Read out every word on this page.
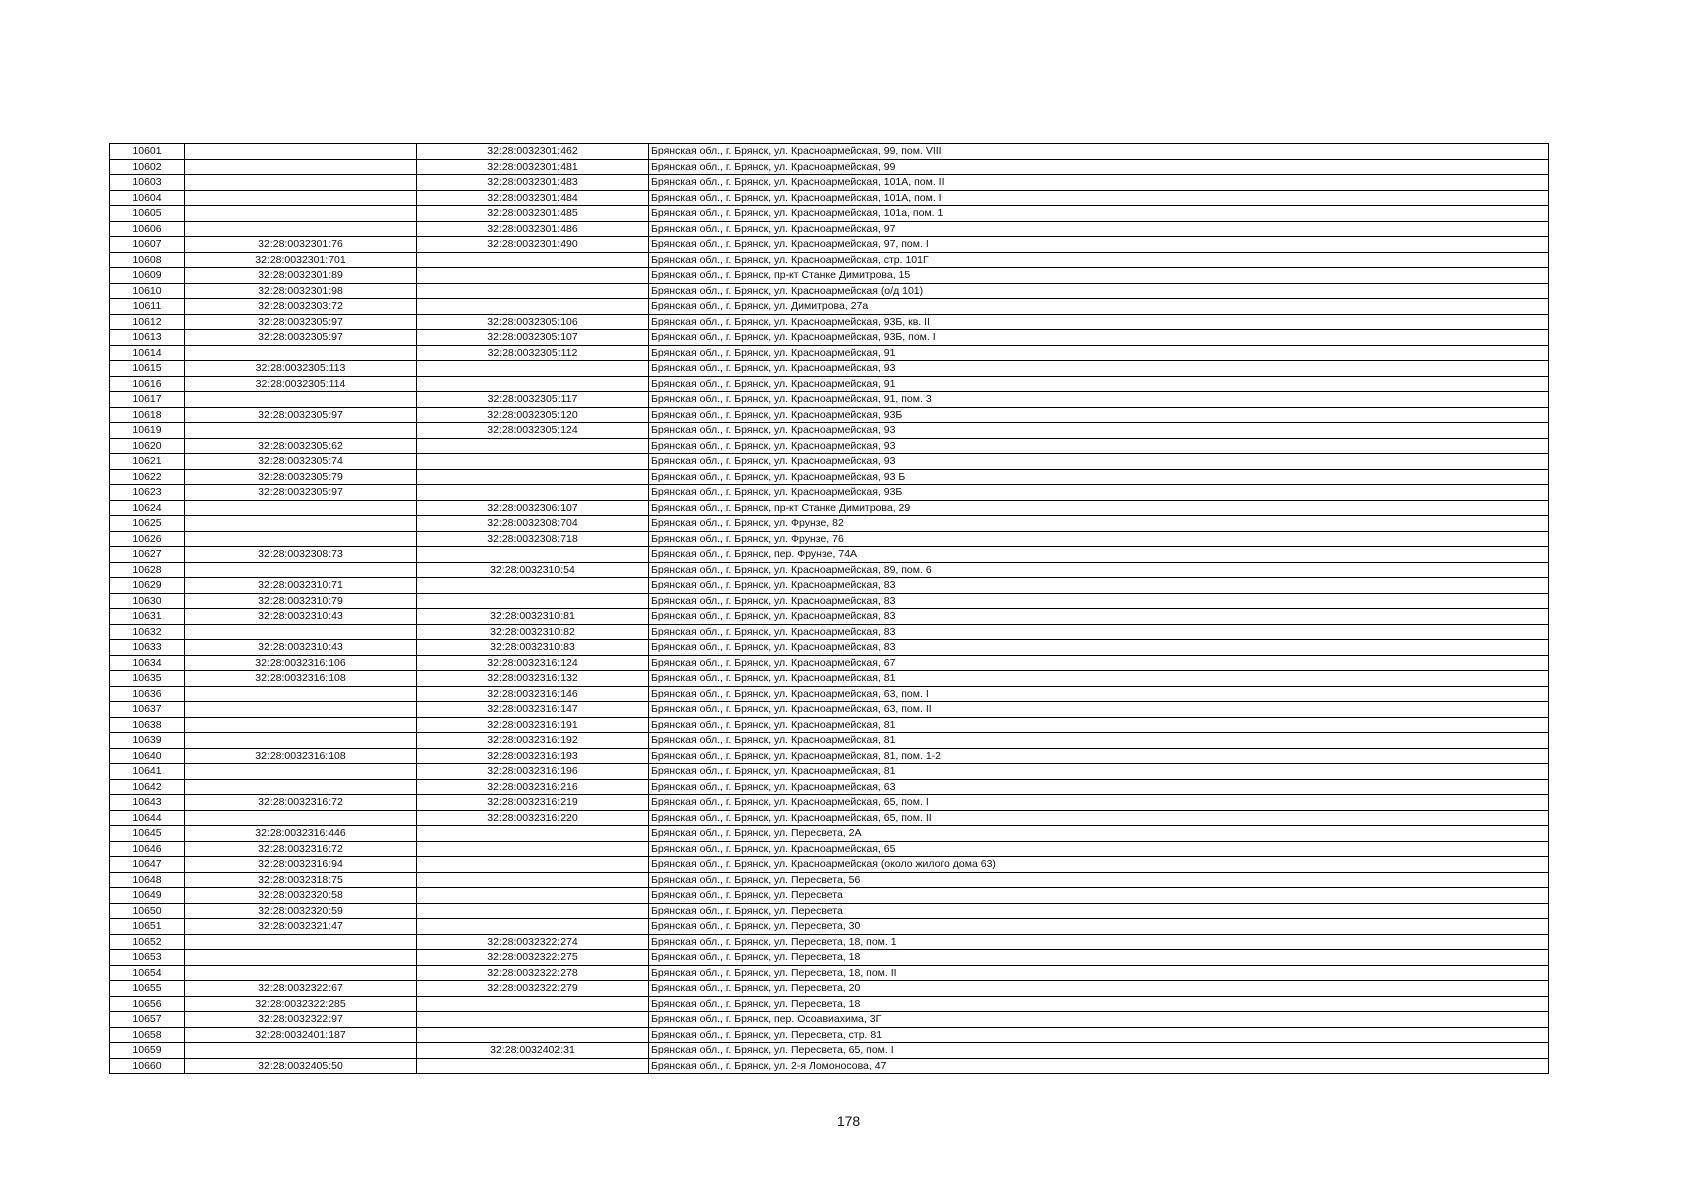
10601		32:28:0032301:462	Брянская обл., г. Брянск, ул. Красноармейская, 99, пом. VIII
10602		32:28:0032301:481	Брянская обл., г. Брянск, ул. Красноармейская, 99
10603		32:28:0032301:483	Брянская обл., г. Брянск, ул. Красноармейская, 101А, пом. II
10604		32:28:0032301:484	Брянская обл., г. Брянск, ул. Красноармейская, 101А, пом. I
10605		32:28:0032301:485	Брянская обл., г. Брянск, ул. Красноармейская, 101а, пом. 1
10606		32:28:0032301:486	Брянская обл., г. Брянск, ул. Красноармейская, 97
10607	32:28:0032301:76	32:28:0032301:490	Брянская обл., г. Брянск, ул. Красноармейская, 97, пом. I
10608	32:28:0032301:701		Брянская обл., г. Брянск, ул. Красноармейская, стр. 101Г
10609	32:28:0032301:89		Брянская обл., г. Брянск, пр-кт Станке Димитрова, 15
10610	32:28:0032301:98		Брянская обл., г. Брянск, ул. Красноармейская (о/д 101)
10611	32:28:0032303:72		Брянская обл., г. Брянск, ул. Димитрова, 27а
10612	32:28:0032305:97	32:28:0032305:106	Брянская обл., г. Брянск, ул. Красноармейская, 93Б, кв. II
10613	32:28:0032305:97	32:28:0032305:107	Брянская обл., г. Брянск, ул. Красноармейская, 93Б, пом. I
10614		32:28:0032305:112	Брянская обл., г. Брянск, ул. Красноармейская, 91
10615	32:28:0032305:113		Брянская обл., г. Брянск, ул. Красноармейская, 93
10616	32:28:0032305:114		Брянская обл., г. Брянск, ул. Красноармейская, 91
10617		32:28:0032305:117	Брянская обл., г. Брянск, ул. Красноармейская, 91, пом. 3
10618	32:28:0032305:97	32:28:0032305:120	Брянская обл., г. Брянск, ул. Красноармейская, 93Б
10619		32:28:0032305:124	Брянская обл., г. Брянск, ул. Красноармейская, 93
10620	32:28:0032305:62		Брянская обл., г. Брянск, ул. Красноармейская, 93
10621	32:28:0032305:74		Брянская обл., г. Брянск, ул. Красноармейская, 93
10622	32:28:0032305:79		Брянская обл., г. Брянск, ул. Красноармейская, 93 Б
10623	32:28:0032305:97		Брянская обл., г. Брянск, ул. Красноармейская, 93Б
10624		32:28:0032306:107	Брянская обл., г. Брянск, пр-кт Станке Димитрова, 29
10625		32:28:0032308:704	Брянская обл., г. Брянск, ул. Фрунзе, 82
10626		32:28:0032308:718	Брянская обл., г. Брянск, ул. Фрунзе, 76
10627	32:28:0032308:73		Брянская обл., г. Брянск, пер. Фрунзе, 74А
10628		32:28:0032310:54	Брянская обл., г. Брянск, ул. Красноармейская, 89, пом. 6
10629	32:28:0032310:71		Брянская обл., г. Брянск, ул. Красноармейская, 83
10630	32:28:0032310:79		Брянская обл., г. Брянск, ул. Красноармейская, 83
10631	32:28:0032310:43	32:28:0032310:81	Брянская обл., г. Брянск, ул. Красноармейская, 83
10632		32:28:0032310:82	Брянская обл., г. Брянск, ул. Красноармейская, 83
10633	32:28:0032310:43	32:28:0032310:83	Брянская обл., г. Брянск, ул. Красноармейская, 83
10634	32:28:0032316:106	32:28:0032316:124	Брянская обл., г. Брянск, ул. Красноармейская, 67
10635	32:28:0032316:108	32:28:0032316:132	Брянская обл., г. Брянск, ул. Красноармейская, 81
10636		32:28:0032316:146	Брянская обл., г. Брянск, ул. Красноармейская, 63, пом. I
10637		32:28:0032316:147	Брянская обл., г. Брянск, ул. Красноармейская, 63, пом. II
10638		32:28:0032316:191	Брянская обл., г. Брянск, ул. Красноармейская, 81
10639		32:28:0032316:192	Брянская обл., г. Брянск, ул. Красноармейская, 81
10640	32:28:0032316:108	32:28:0032316:193	Брянская обл., г. Брянск, ул. Красноармейская, 81, пом. 1-2
10641		32:28:0032316:196	Брянская обл., г. Брянск, ул. Красноармейская, 81
10642		32:28:0032316:216	Брянская обл., г. Брянск, ул. Красноармейская, 63
10643	32:28:0032316:72	32:28:0032316:219	Брянская обл., г. Брянск, ул. Красноармейская, 65, пом. I
10644		32:28:0032316:220	Брянская обл., г. Брянск, ул. Красноармейская, 65, пом. II
10645	32:28:0032316:446		Брянская обл., г. Брянск, ул. Пересвета, 2А
10646	32:28:0032316:72		Брянская обл., г. Брянск, ул. Красноармейская, 65
10647	32:28:0032316:94		Брянская обл., г. Брянск, ул. Красноармейская (около жилого дома 63)
10648	32:28:0032318:75		Брянская обл., г. Брянск, ул. Пересвета, 56
10649	32:28:0032320:58		Брянская обл., г. Брянск, ул. Пересвета
10650	32:28:0032320:59		Брянская обл., г. Брянск, ул. Пересвета
10651	32:28:0032321:47		Брянская обл., г. Брянск, ул. Пересвета, 30
10652		32:28:0032322:274	Брянская обл., г. Брянск, ул. Пересвета, 18, пом. 1
10653		32:28:0032322:275	Брянская обл., г. Брянск, ул. Пересвета, 18
10654		32:28:0032322:278	Брянская обл., г. Брянск, ул. Пересвета, 18, пом. II
10655	32:28:0032322:67	32:28:0032322:279	Брянская обл., г. Брянск, ул. Пересвета, 20
10656	32:28:0032322:285		Брянская обл., г. Брянск, ул. Пересвета, 18
10657	32:28:0032322:97		Брянская обл., г. Брянск, пер. Осоавиахима, 3Г
10658	32:28:0032401:187		Брянская обл., г. Брянск, ул. Пересвета, стр. 81
10659		32:28:0032402:31	Брянская обл., г. Брянск, ул. Пересвета, 65, пом. I
10660	32:28:0032405:50		Брянская обл., г. Брянск, ул. 2-я Ломоносова, 47
178
